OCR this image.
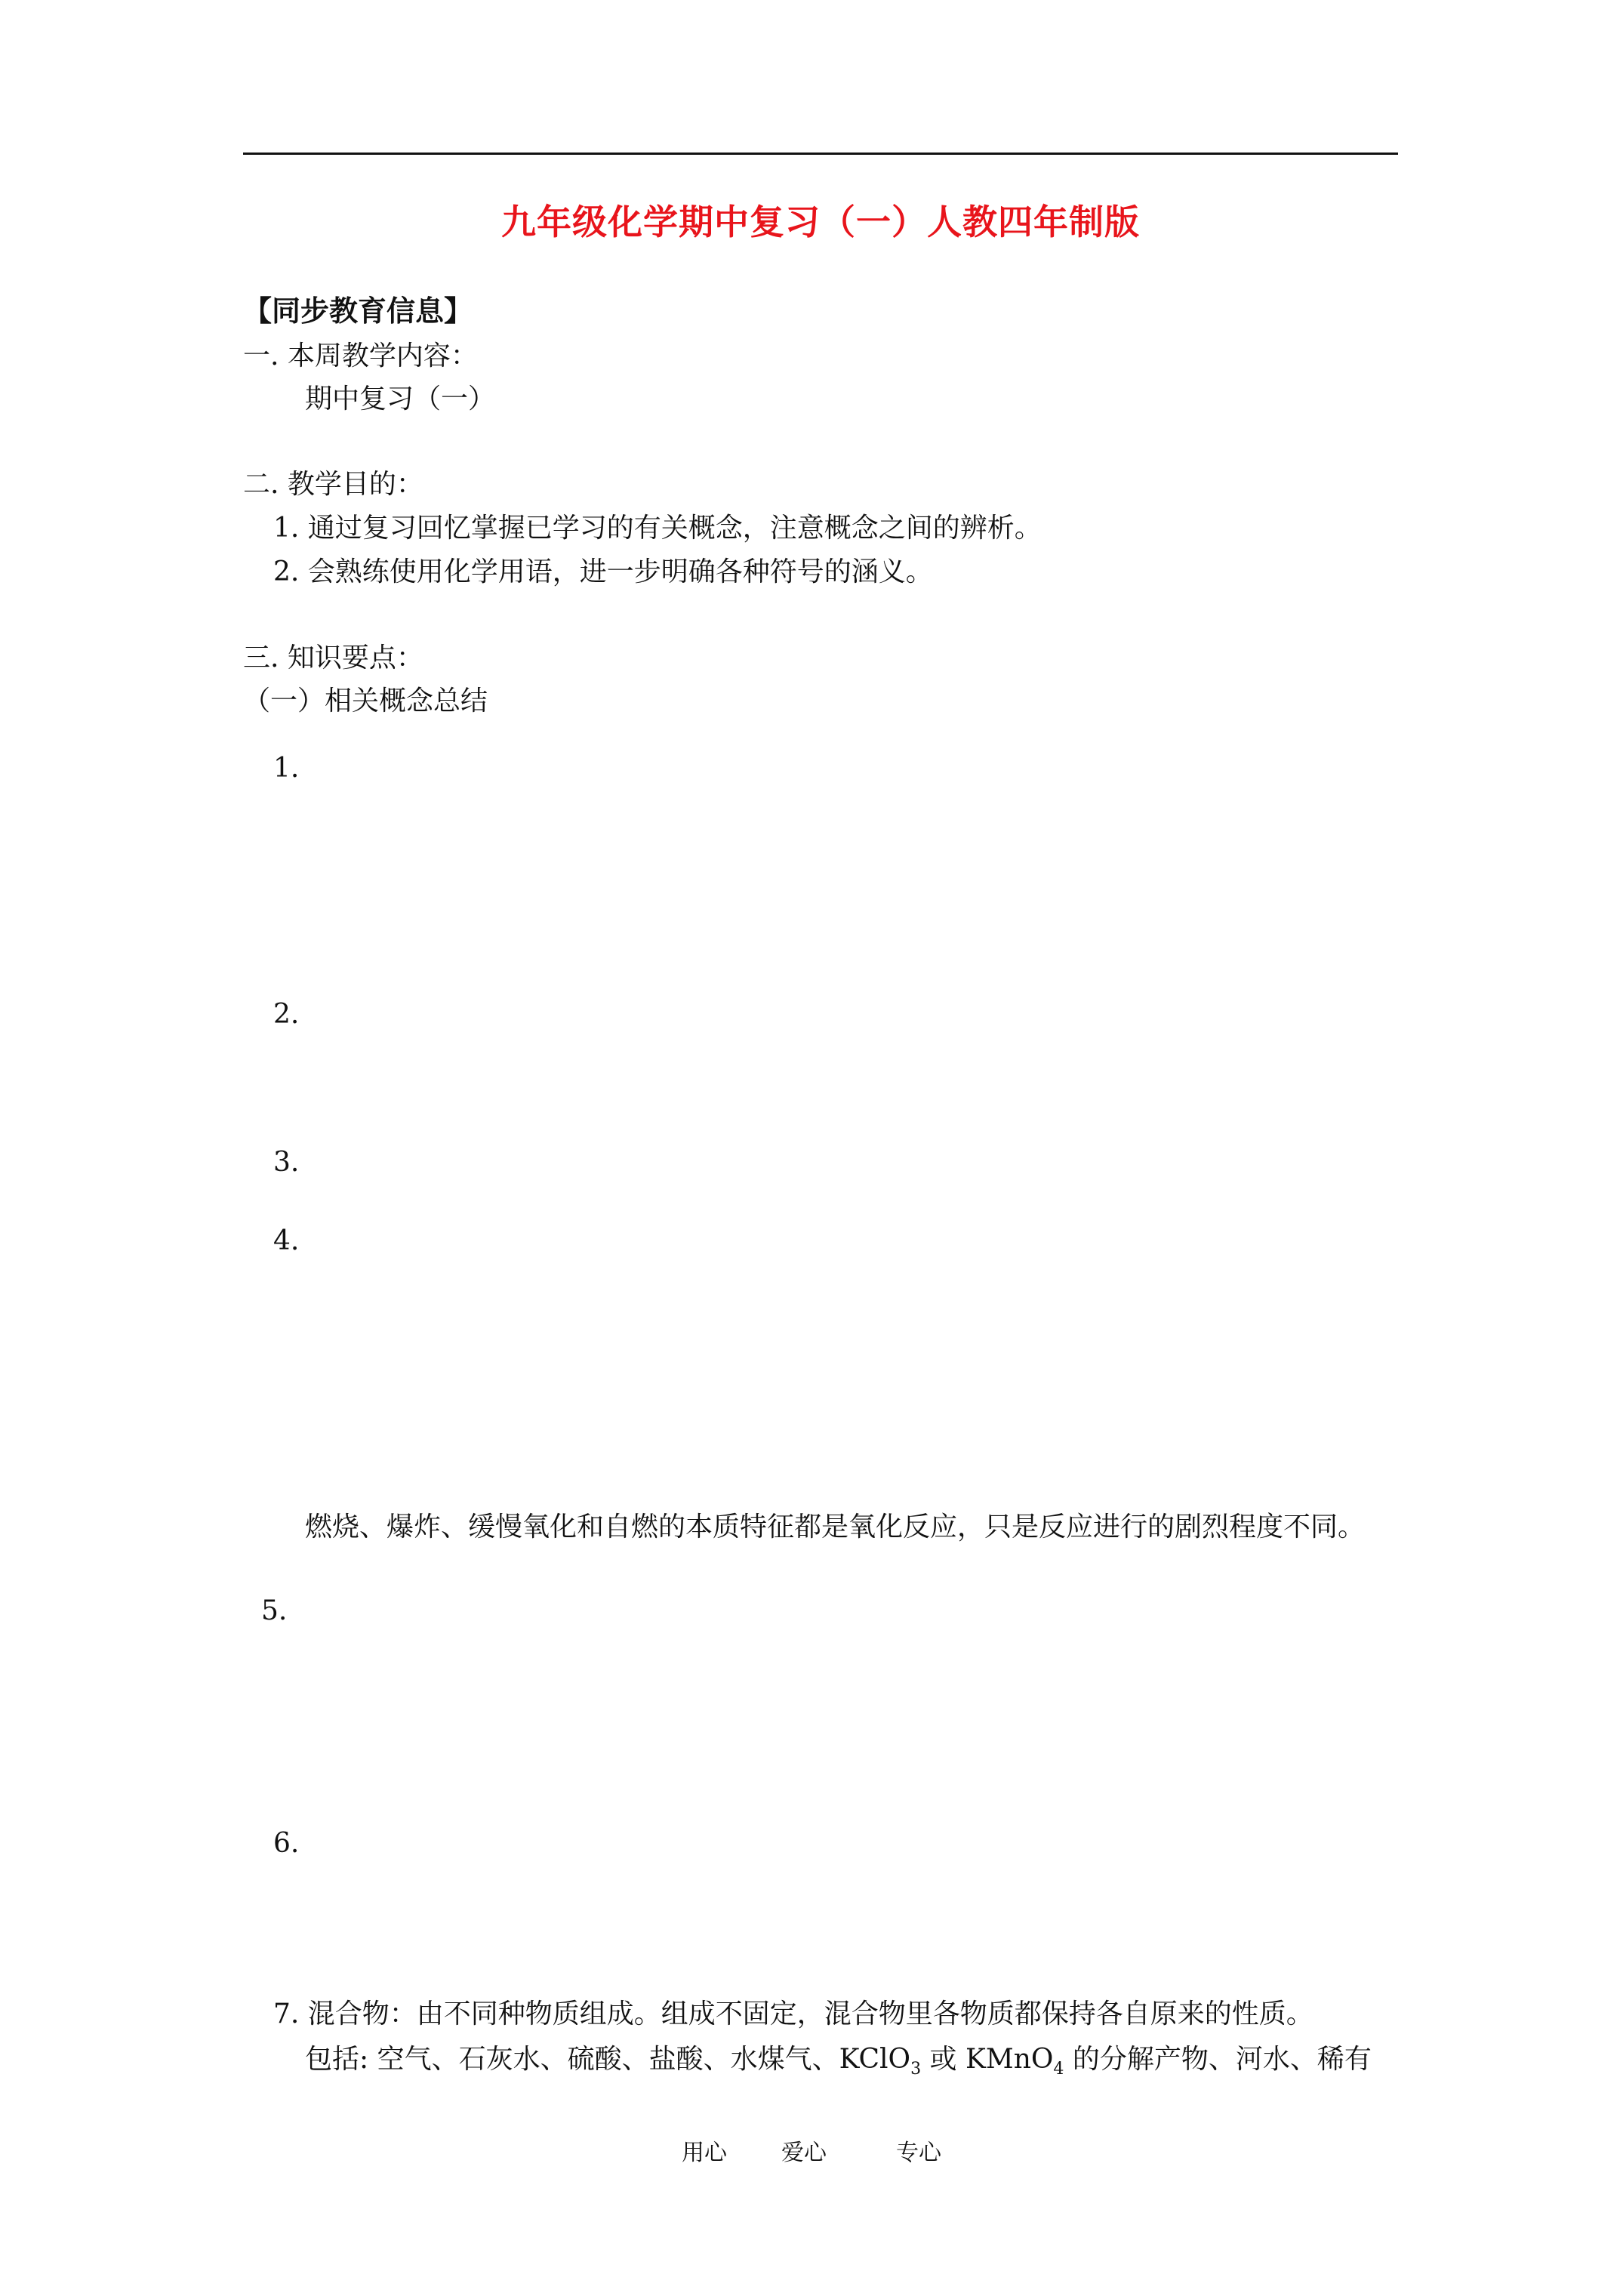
九年级化学期中复习（一）人教四年制版
【同步教育信息】
一. 本周教学内容：
期中复习（一）
二. 教学目的：
1. 通过复习回忆掌握已学习的有关概念，注意概念之间的辨析。
2. 会熟练使用化学用语，进一步明确各种符号的涵义。
三. 知识要点：
（一）相关概念总结
1.
2.
3.
4.
燃烧、爆炸、缓慢氧化和自燃的本质特征都是氧化反应，只是反应进行的剧烈程度不同。
5.
6.
7. 混合物：由不同种物质组成。组成不固定，混合物里各物质都保持各自原来的性质。
包括: 空气、石灰水、硫酸、盐酸、水煤气、KClO$_3$ 或 KMnO$_4$ 的分解产物、河水、稀有
用心 爱心	专心
